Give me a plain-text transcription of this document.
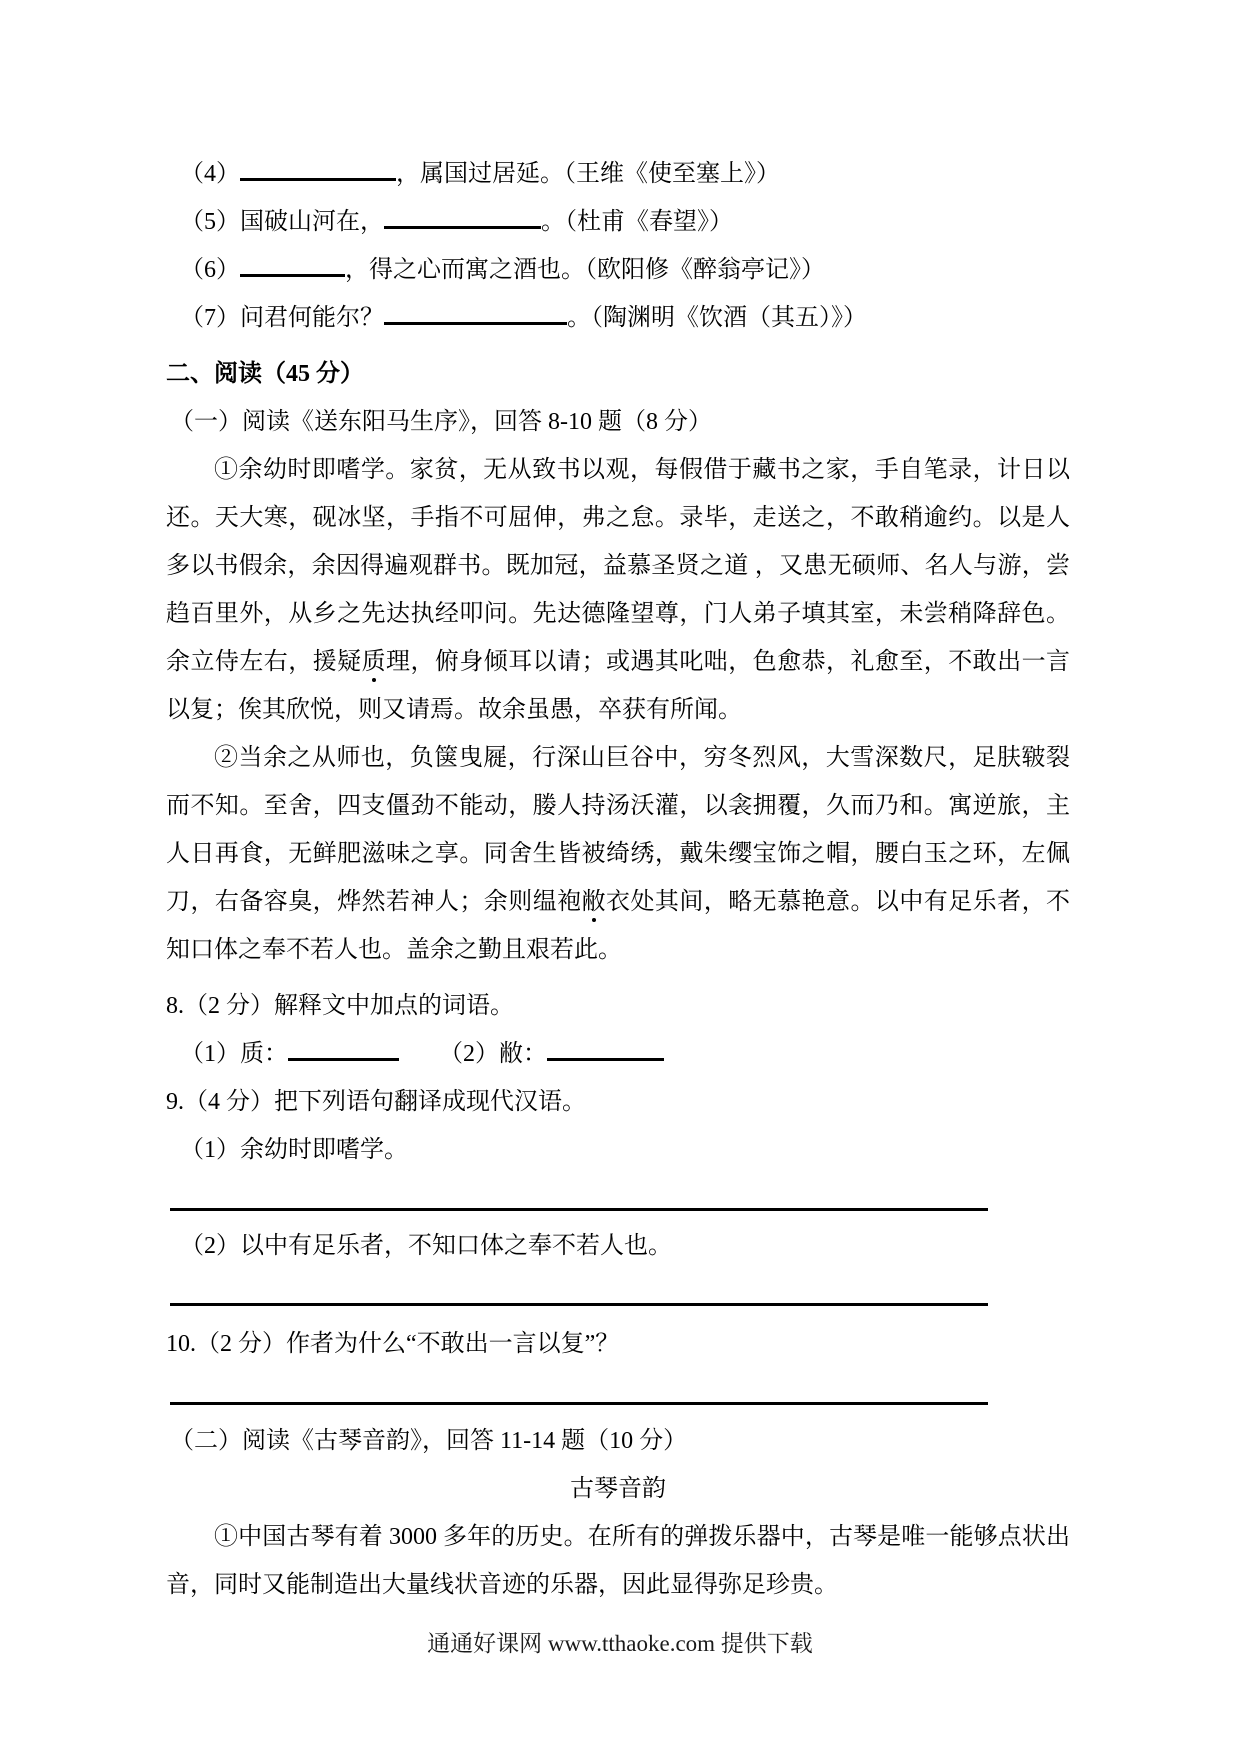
（4）	，属国过居延。（王维《使至塞上》）
（5）国破山河在，	。（杜甫《春望》）
（6）	，得之心而寓之酒也。（欧阳修《醉翁亭记》）
（7）问君何能尔？	。（陶渊明《饮酒（其五）》）
二、阅读（45 分）
（一）阅读《送东阳马生序》，回答 8-10 题（8 分）

①余幼时即嗜学。家贫，无从致书以观，每假借于藏书之家，手自笔录，计日以还。天大寒，砚冰坚，手指不可屈伸，弗之怠。录毕，走送之，不敢稍逾约。以是人多以书假余，余因得遍观群书。既加冠，益慕圣贤之道 ，又患无硕师、名人与游，尝趋百里外，从乡之先达执经叩问。先达德隆望尊，门人弟子填其室，未尝稍降辞色。余立侍左右，援疑质理，俯身倾耳以请；或遇其叱咄，色愈恭，礼愈至，不敢出一言以复；俟其欣悦，则又请焉。故余虽愚，卒获有所闻。

②当余之从师也，负箧曳屣，行深山巨谷中，穷冬烈风，大雪深数尺，足肤皲裂而不知。至舍，四支僵劲不能动，媵人持汤沃灌，以衾拥覆，久而乃和。寓逆旅，主人日再食，无鲜肥滋味之享。同舍生皆被绮绣，戴朱缨宝饰之帽，腰白玉之环，左佩刀，右备容臭，烨然若神人；余则缊袍敝衣处其间，略无慕艳意。以中有足乐者，不知口体之奉不若人也。盖余之勤且艰若此。

8.（2 分）解释文中加点的词语。
（1）质：	（2）敝：
9.（4 分）把下列语句翻译成现代汉语。
（1）余幼时即嗜学。
（2）以中有足乐者，不知口体之奉不若人也。
10.（2 分）作者为什么“不敢出一言以复”？
（二）阅读《古琴音韵》，回答 11-14 题（10 分）
古琴音韵

①中国古琴有着 3000 多年的历史。在所有的弹拨乐器中，古琴是唯一能够点状出音，同时又能制造出大量线状音迹的乐器，因此显得弥足珍贵。

通通好课网 www.tthaoke.com 提供下载
